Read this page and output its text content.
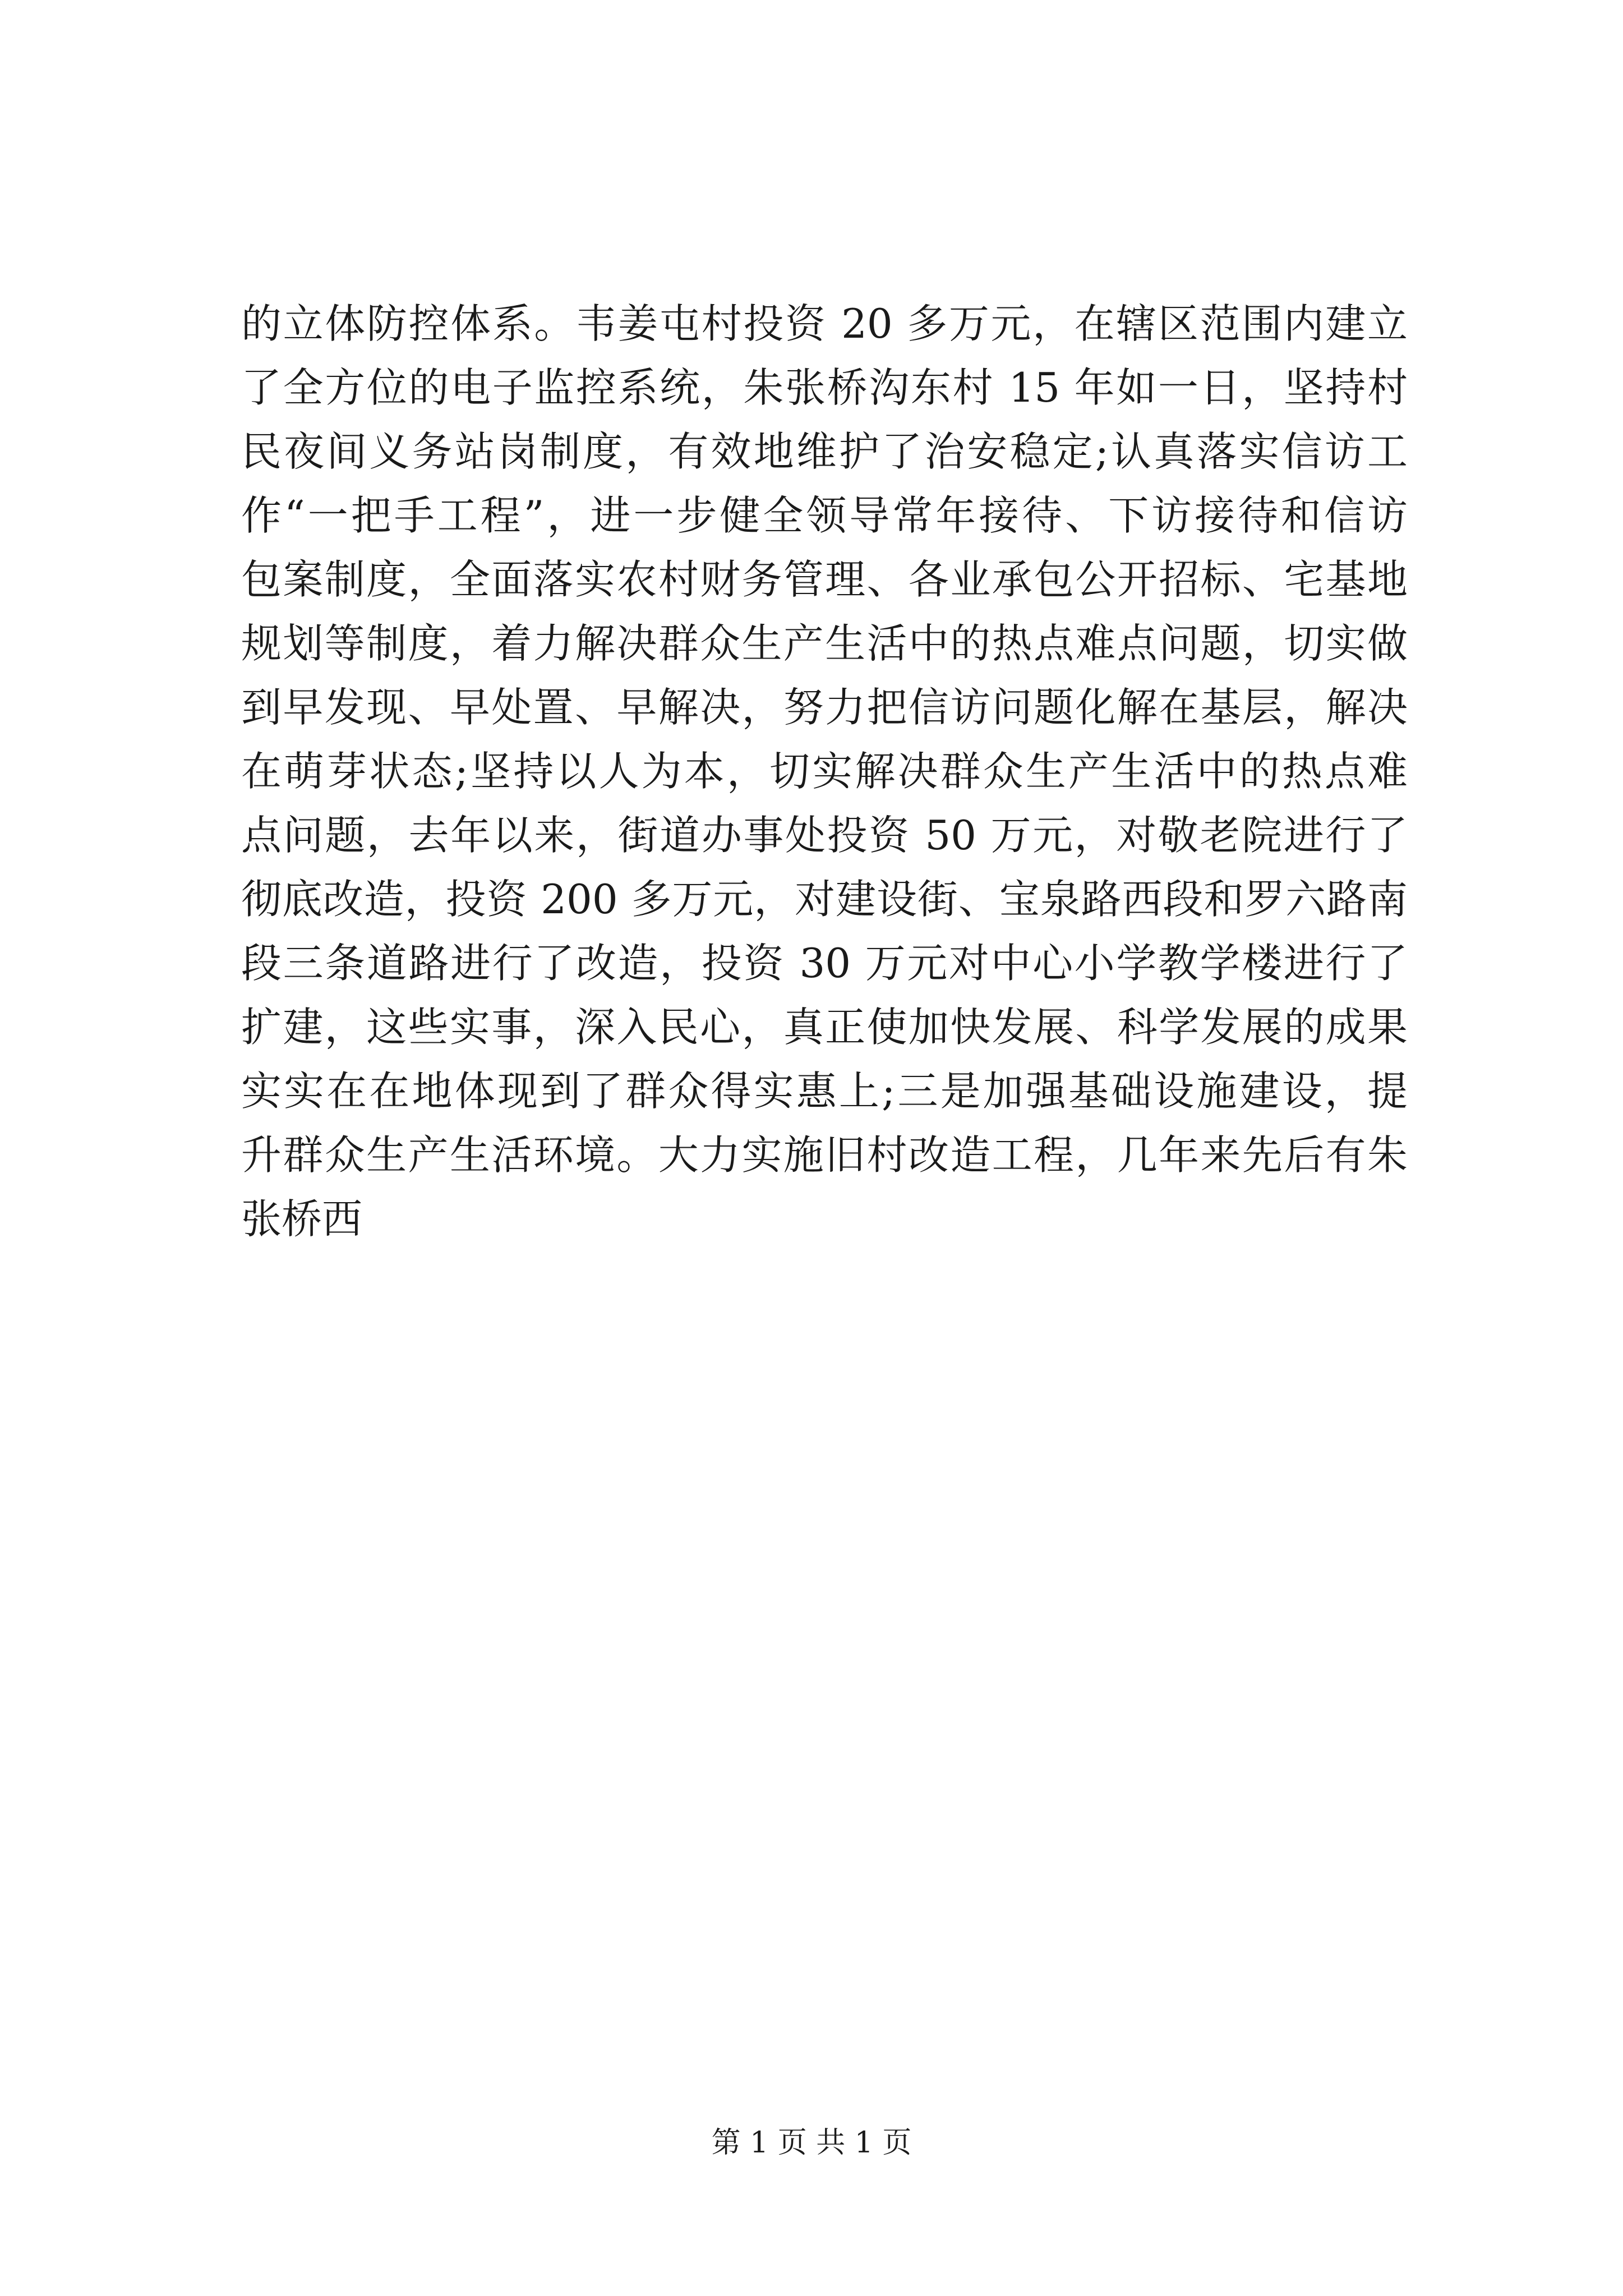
的立体防控体系。韦姜屯村投资 20 多万元，在辖区范围内建立
了全方位的电子监控系统，朱张桥沟东村 15 年如一日，坚持村
民夜间义务站岗制度，有效地维护了治安稳定;认真落实信访工
作“一把手工程”，进一步健全领导常年接待、下访接待和信访
包案制度，全面落实农村财务管理、各业承包公开招标、宅基地
规划等制度，着力解决群众生产生活中的热点难点问题，切实做
到早发现、早处置、早解决，努力把信访问题化解在基层，解决
在萌芽状态;坚持以人为本，切实解决群众生产生活中的热点难
点问题，去年以来，街道办事处投资 50 万元，对敬老院进行了
彻底改造，投资 200 多万元，对建设街、宝泉路西段和罗六路南
段三条道路进行了改造，投资 30 万元对中心小学教学楼进行了
扩建，这些实事，深入民心，真正使加快发展、科学发展的成果
实实在在地体现到了群众得实惠上;三是加强基础设施建设，提
升群众生产生活环境。大力实施旧村改造工程，几年来先后有朱
张桥西
第 1 页 共 1 页
